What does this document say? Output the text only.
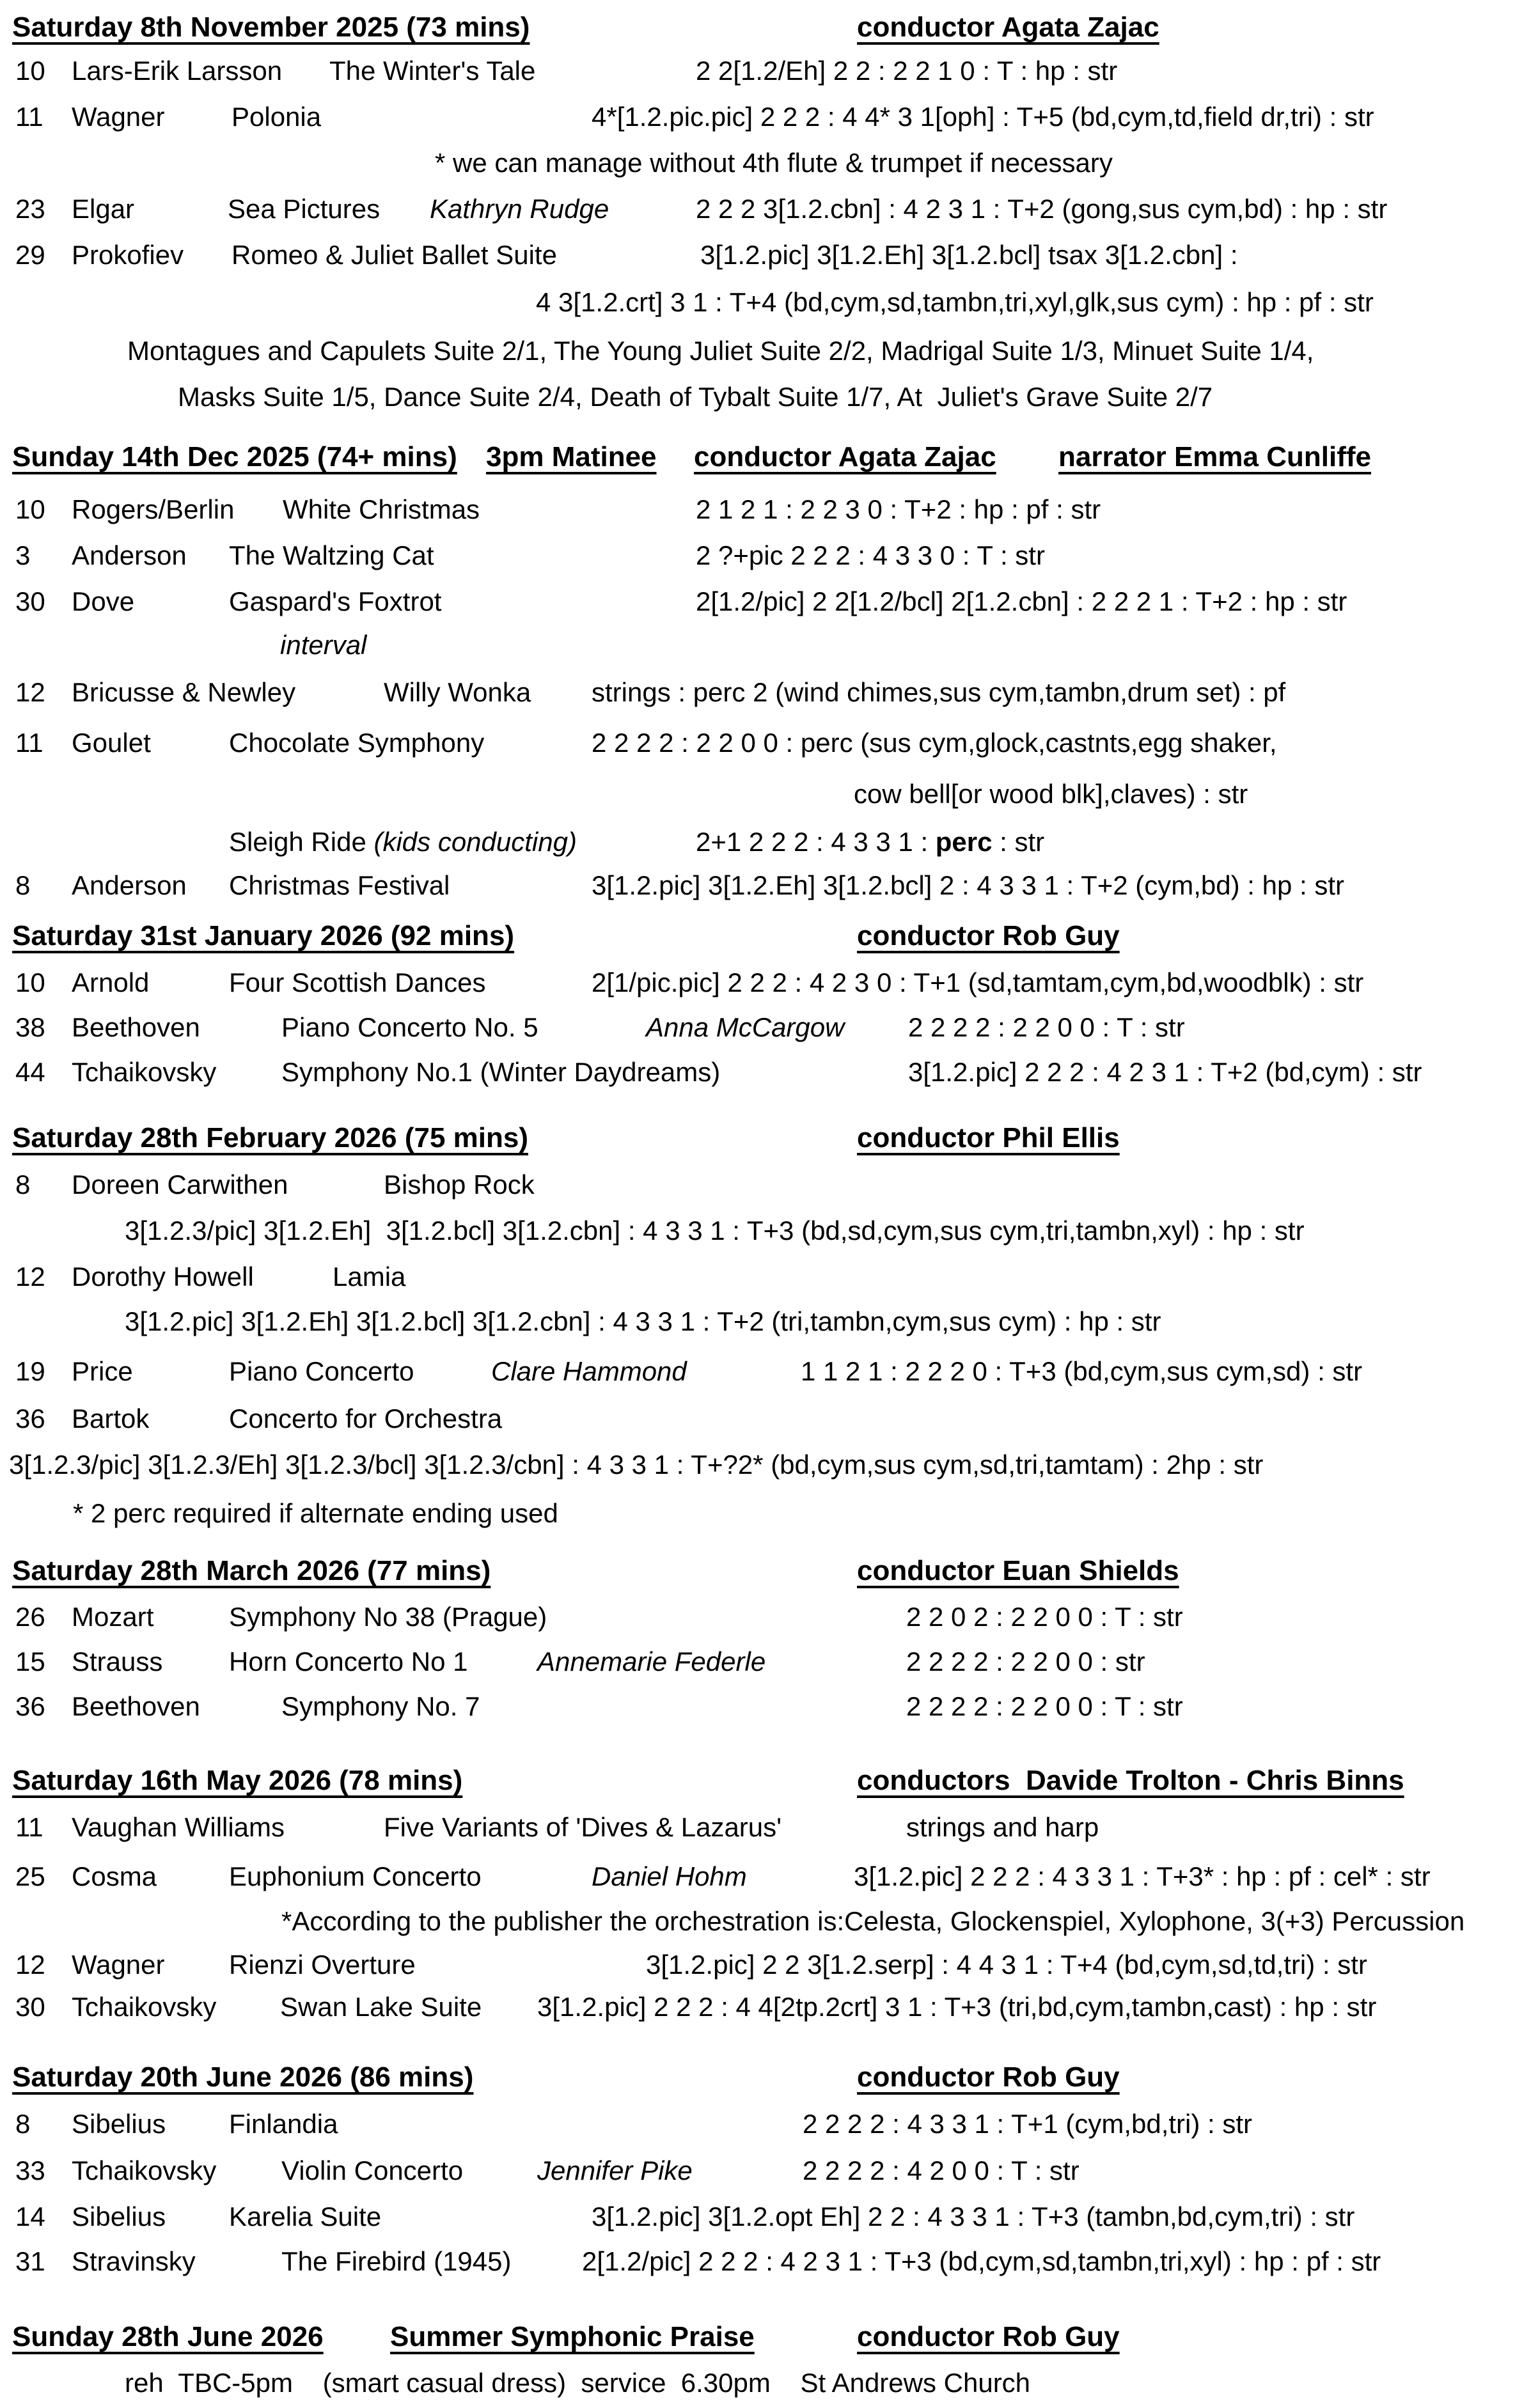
Saturday 8th November 2025 (73 mins)	conductor Agata Zajac
10 Lars-Erik Larsson The Winter's Tale	2 2[1.2/Eh] 2 2 : 2 2 1 0 : T : hp : str
11 Wagner Polonia	4*[1.2.pic.pic] 2 2 2 : 4 4* 3 1[oph] : T+5 (bd,cym,td,field dr,tri) : str
* we can manage without 4th flute & trumpet if necessary
23 Elgar	Sea Pictures Kathryn Rudge	2 2 2 3[1.2.cbn] : 4 2 3 1 : T+2 (gong,sus cym,bd) : hp : str
29 Prokofiev Romeo & Juliet Ballet Suite	3[1.2.pic] 3[1.2.Eh] 3[1.2.bcl] tsax 3[1.2.cbn] :
4 3[1.2.crt] 3 1 : T+4 (bd,cym,sd,tambn,tri,xyl,glk,sus cym) : hp : pf : str
Montagues and Capulets Suite 2/1, The Young Juliet Suite 2/2, Madrigal Suite 1/3, Minuet Suite 1/4,
Masks Suite 1/5, Dance Suite 2/4, Death of Tybalt Suite 1/7, At  Juliet's Grave Suite 2/7
Sunday 14th Dec 2025 (74+ mins) 3pm Matinee conductor Agata Zajac narrator Emma Cunliffe
10 Rogers/Berlin White Christmas	2 1 2 1 : 2 2 3 0 : T+2 : hp : pf : str
3 Anderson The Waltzing Cat	2 ?+pic 2 2 2 : 4 3 3 0 : T : str
30 Dove	Gaspard's Foxtrot	2[1.2/pic] 2 2[1.2/bcl] 2[1.2.cbn] : 2 2 2 1 : T+2 : hp : str
interval
12 Bricusse & Newley	Willy Wonka strings : perc 2 (wind chimes,sus cym,tambn,drum set) : pf
11 Goulet	Chocolate Symphony	2 2 2 2 : 2 2 0 0 : perc (sus cym,glock,castnts,egg shaker,
cow bell[or wood blk],claves) : str
Sleigh Ride (kids conducting)	2+1 2 2 2 : 4 3 3 1 : perc : str
8 Anderson Christmas Festival	3[1.2.pic] 3[1.2.Eh] 3[1.2.bcl] 2 : 4 3 3 1 : T+2 (cym,bd) : hp : str
Saturday 31st January 2026 (92 mins)	conductor Rob Guy
10 Arnold	Four Scottish Dances	2[1/pic.pic] 2 2 2 : 4 2 3 0 : T+1 (sd,tamtam,cym,bd,woodblk) : str
38 Beethoven	Piano Concerto No. 5	Anna McCargow 2 2 2 2 : 2 2 0 0 : T : str
44 Tchaikovsky Symphony No.1 (Winter Daydreams)	3[1.2.pic] 2 2 2 : 4 2 3 1 : T+2 (bd,cym) : str
Saturday 28th February 2026 (75 mins)	conductor Phil Ellis
8 Doreen Carwithen	Bishop Rock
3[1.2.3/pic] 3[1.2.Eh]  3[1.2.bcl] 3[1.2.cbn] : 4 3 3 1 : T+3 (bd,sd,cym,sus cym,tri,tambn,xyl) : hp : str
12 Dorothy Howell	Lamia
3[1.2.pic] 3[1.2.Eh] 3[1.2.bcl] 3[1.2.cbn] : 4 3 3 1 : T+2 (tri,tambn,cym,sus cym) : hp : str
19 Price	Piano Concerto	Clare Hammond	1 1 2 1 : 2 2 2 0 : T+3 (bd,cym,sus cym,sd) : str
36 Bartok	Concerto for Orchestra
3[1.2.3/pic] 3[1.2.3/Eh] 3[1.2.3/bcl] 3[1.2.3/cbn] : 4 3 3 1 : T+?2* (bd,cym,sus cym,sd,tri,tamtam) : 2hp : str
* 2 perc required if alternate ending used
Saturday 28th March 2026 (77 mins)	conductor Euan Shields
26 Mozart	Symphony No 38 (Prague)	2 2 0 2 : 2 2 0 0 : T : str
15 Strauss Horn Concerto No 1	Annemarie Federle	2 2 2 2 : 2 2 0 0 : str
36 Beethoven	Symphony No. 7	2 2 2 2 : 2 2 0 0 : T : str
Saturday 16th May 2026 (78 mins)	conductors  Davide Trolton - Chris Binns
11 Vaughan Williams	Five Variants of 'Dives & Lazarus'	strings and harp
25 Cosma	Euphonium Concerto	Daniel Hohm	3[1.2.pic] 2 2 2 : 4 3 3 1 : T+3* : hp : pf : cel* : str
*According to the publisher the orchestration is:Celesta, Glockenspiel, Xylophone, 3(+3) Percussion
12 Wagner Rienzi Overture	3[1.2.pic] 2 2 3[1.2.serp] : 4 4 3 1 : T+4 (bd,cym,sd,td,tri) : str
30 Tchaikovsky Swan Lake Suite 3[1.2.pic] 2 2 2 : 4 4[2tp.2crt] 3 1 : T+3 (tri,bd,cym,tambn,cast) : hp : str
Saturday 20th June 2026 (86 mins)	conductor Rob Guy
8 Sibelius Finlandia	2 2 2 2 : 4 3 3 1 : T+1 (cym,bd,tri) : str
33 Tchaikovsky Violin Concerto	Jennifer Pike	2 2 2 2 : 4 2 0 0 : T : str
14 Sibelius Karelia Suite	3[1.2.pic] 3[1.2.opt Eh] 2 2 : 4 3 3 1 : T+3 (tambn,bd,cym,tri) : str
31 Stravinsky	The Firebird (1945)	2[1.2/pic] 2 2 2 : 4 2 3 1 : T+3 (bd,cym,sd,tambn,tri,xyl) : hp : pf : str
Sunday 28th June 2026 Summer Symphonic Praise	conductor Rob Guy
reh  TBC-5pm    (smart casual dress)  service  6.30pm    St Andrews Church
